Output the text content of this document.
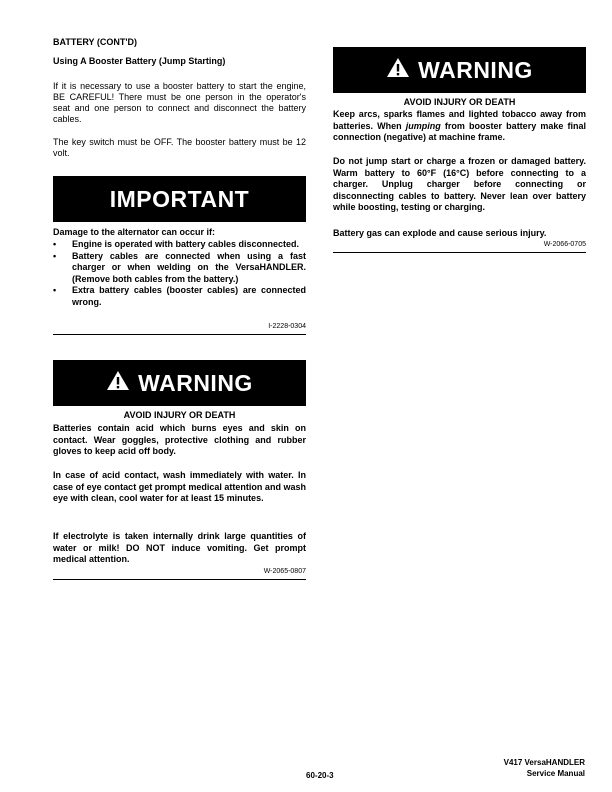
BATTERY (CONT'D)
Using A Booster Battery (Jump Starting)
If it is necessary to use a booster battery to start the engine, BE CAREFUL! There must be one person in the operator's seat and one person to connect and disconnect the battery cables.
The key switch must be OFF. The booster battery must be 12 volt.
IMPORTANT
Damage to the alternator can occur if:
• Engine is operated with battery cables disconnected.
• Battery cables are connected when using a fast charger or when welding on the VersaHANDLER. (Remove both cables from the battery.)
• Extra battery cables (booster cables) are connected wrong.
I-2228-0304
WARNING
AVOID INJURY OR DEATH
Batteries contain acid which burns eyes and skin on contact. Wear goggles, protective clothing and rubber gloves to keep acid off body.
In case of acid contact, wash immediately with water. In case of eye contact get prompt medical attention and wash eye with clean, cool water for at least 15 minutes.
If electrolyte is taken internally drink large quantities of water or milk! DO NOT induce vomiting. Get prompt medical attention.
W-2065-0807
WARNING
AVOID INJURY OR DEATH
Keep arcs, sparks flames and lighted tobacco away from batteries. When jumping from booster battery make final connection (negative) at machine frame.
Do not jump start or charge a frozen or damaged battery. Warm battery to 60°F (16°C) before connecting to a charger. Unplug charger before connecting or disconnecting cables to battery. Never lean over battery while boosting, testing or charging.
Battery gas can explode and cause serious injury.
W-2066-0705
60-20-3
V417 VersaHANDLER
Service Manual
